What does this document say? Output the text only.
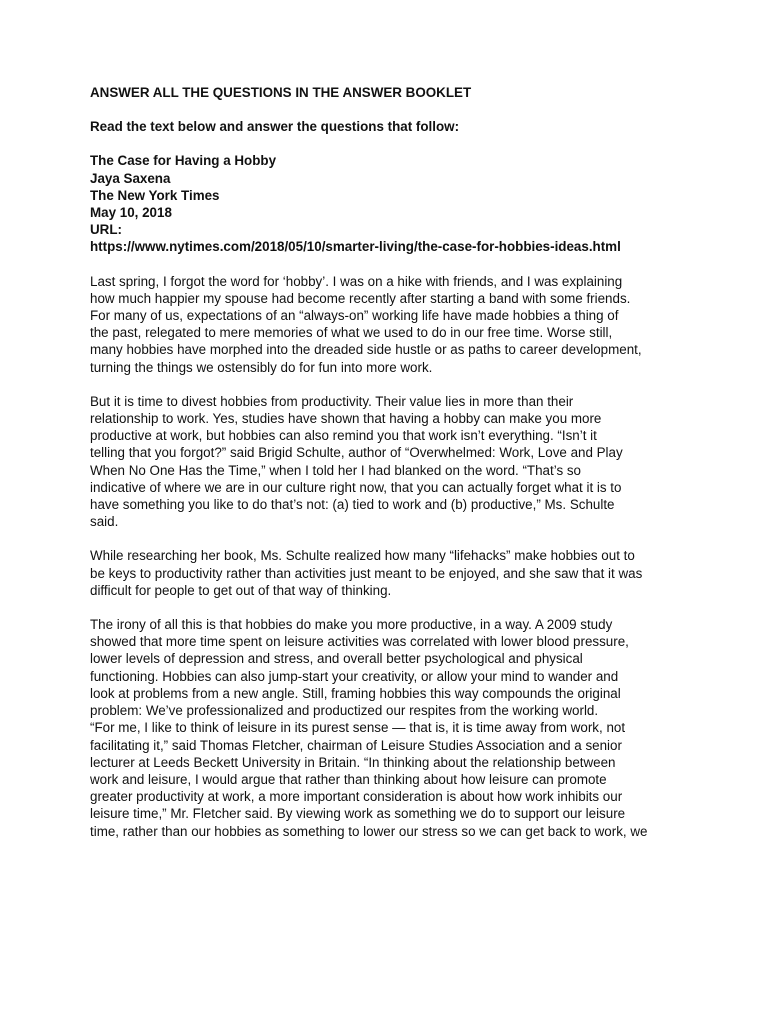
ANSWER ALL THE QUESTIONS IN THE ANSWER BOOKLET

Read the text below and answer the questions that follow:

The Case for Having a Hobby
Jaya Saxena
The New York Times
May 10, 2018
URL:
https://www.nytimes.com/2018/05/10/smarter-living/the-case-for-hobbies-ideas.html
Last spring, I forgot the word for ‘hobby’. I was on a hike with friends, and I was explaining
how much happier my spouse had become recently after starting a band with some friends.
For many of us, expectations of an “always-on” working life have made hobbies a thing of
the past, relegated to mere memories of what we used to do in our free time. Worse still,
many hobbies have morphed into the dreaded side hustle or as paths to career development,
turning the things we ostensibly do for fun into more work.
But it is time to divest hobbies from productivity. Their value lies in more than their
relationship to work. Yes, studies have shown that having a hobby can make you more
productive at work, but hobbies can also remind you that work isn’t everything. “Isn’t it
telling that you forgot?” said Brigid Schulte, author of “Overwhelmed: Work, Love and Play
When No One Has the Time,” when I told her I had blanked on the word. “That’s so
indicative of where we are in our culture right now, that you can actually forget what it is to
have something you like to do that’s not: (a) tied to work and (b) productive,” Ms. Schulte
said.
While researching her book, Ms. Schulte realized how many “lifehacks” make hobbies out to
be keys to productivity rather than activities just meant to be enjoyed, and she saw that it was
difficult for people to get out of that way of thinking.
The irony of all this is that hobbies do make you more productive, in a way. A 2009 study
showed that more time spent on leisure activities was correlated with lower blood pressure,
lower levels of depression and stress, and overall better psychological and physical
functioning. Hobbies can also jump-start your creativity, or allow your mind to wander and
look at problems from a new angle. Still, framing hobbies this way compounds the original
problem: We’ve professionalized and productized our respites from the working world.
“For me, I like to think of leisure in its purest sense — that is, it is time away from work, not
facilitating it,” said Thomas Fletcher, chairman of Leisure Studies Association and a senior
lecturer at Leeds Beckett University in Britain. “In thinking about the relationship between
work and leisure, I would argue that rather than thinking about how leisure can promote
greater productivity at work, a more important consideration is about how work inhibits our
leisure time,” Mr. Fletcher said. By viewing work as something we do to support our leisure
time, rather than our hobbies as something to lower our stress so we can get back to work, we
